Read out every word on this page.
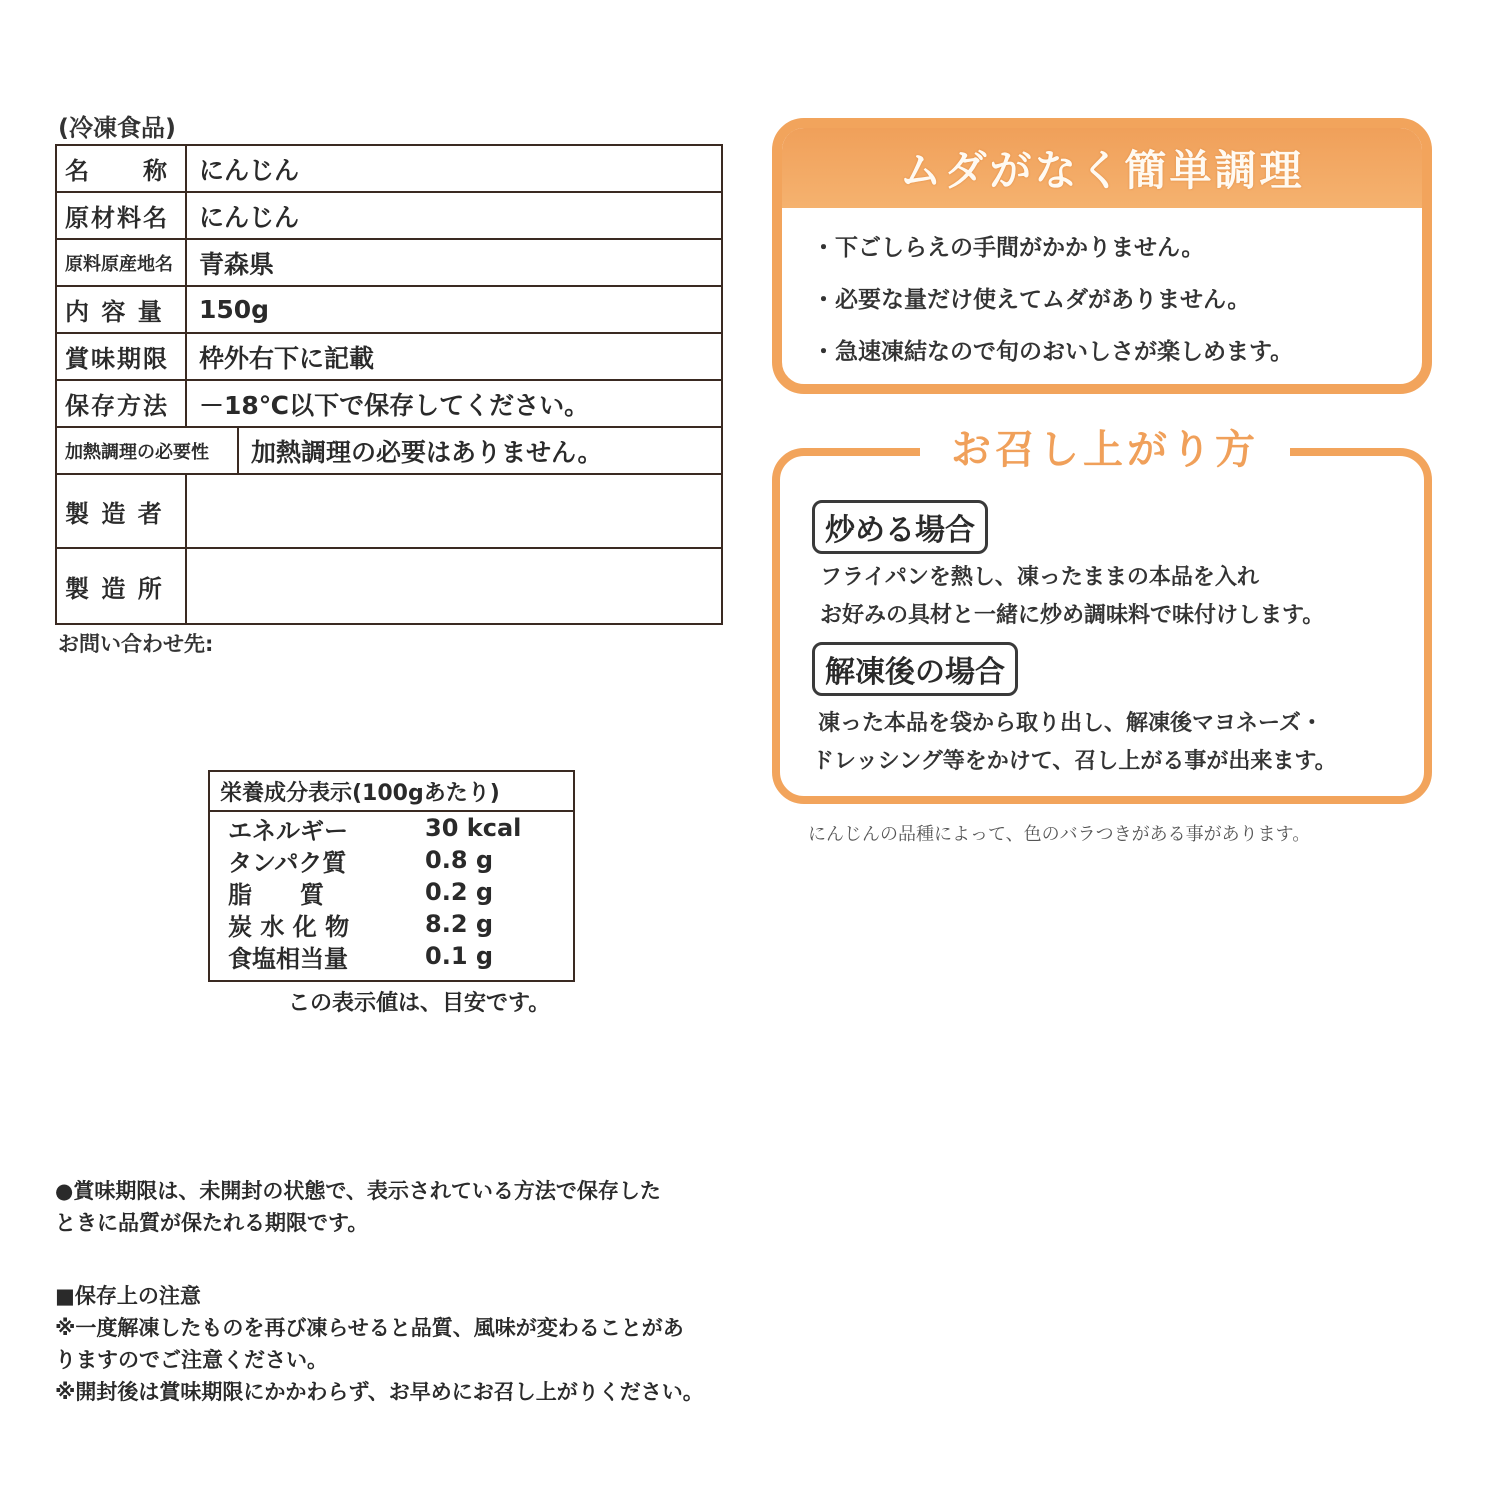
(冷凍食品)
名　　称	にんじん
原材料名	にんじん
原料原産地名	青森県
内 容 量	150g
賞味期限	枠外右下に記載
保存方法	－18℃以下で保存してください。
加熱調理の必要性	加熱調理の必要はありません。
製 造 者
製 造 所
お問い合わせ先:
栄養成分表示(100gあたり)
エネルギー	30 kcal
タンパク質	0.8 g
脂　　質	0.2 g
炭 水 化 物	8.2 g
食塩相当量	0.1 g
この表示値は、目安です。
●賞味期限は、未開封の状態で、表示されている方法で保存した
ときに品質が保たれる期限です。
■保存上の注意
※一度解凍したものを再び凍らせると品質、風味が変わることがあ
りますのでご注意ください。
※開封後は賞味期限にかかわらず、お早めにお召し上がりください。
ムダがなく簡単調理
・ 下ごしらえの手間がかかりません。
・ 必要な量だけ使えてムダがありません。
・ 急速凍結なので旬のおいしさが楽しめます。
お召し上がり方
炒める場合
フライパンを熱し、凍ったままの本品を入れ
お好みの具材と一緒に炒め調味料で味付けします。
解凍後の場合
凍った本品を袋から取り出し、解凍後マヨネーズ・
ドレッシング等をかけて、召し上がる事が出来ます。
にんじんの品種によって、色のバラつきがある事があります。
